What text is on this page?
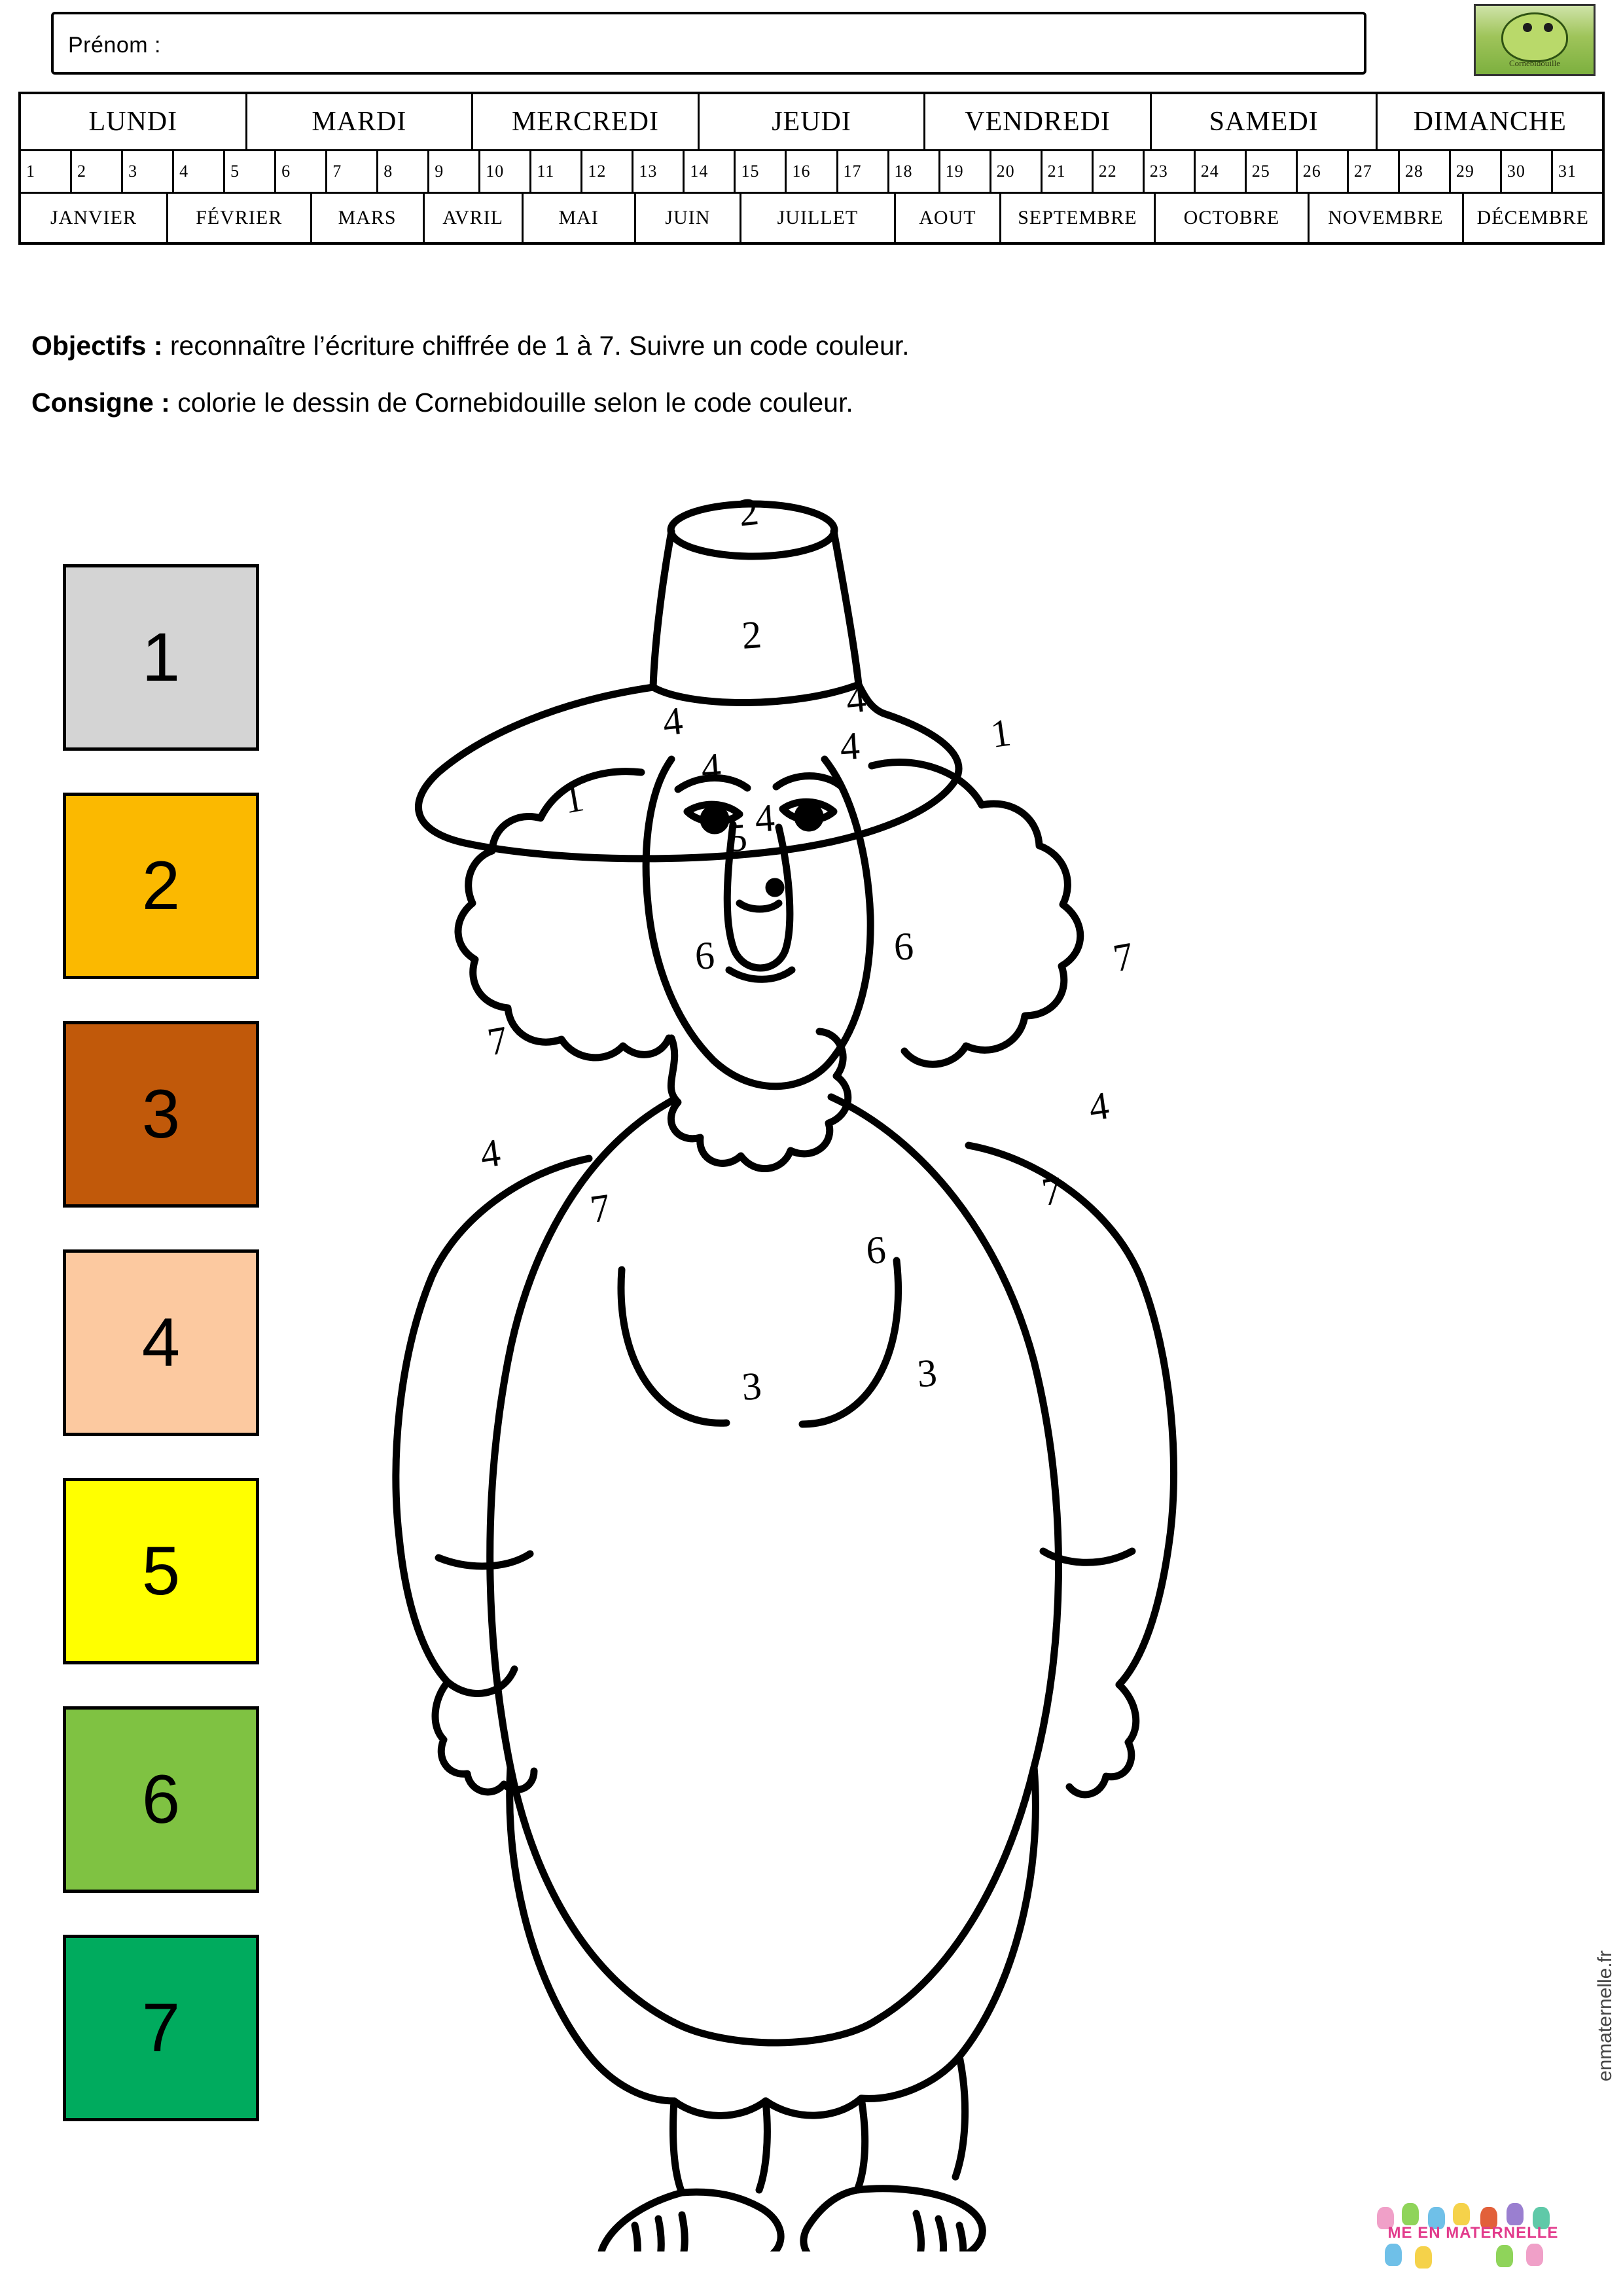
Prénom :
Cornebidouille
LUNDI	MARDI	MERCREDI	JEUDI	VENDREDI	SAMEDI	DIMANCHE
1	2	3	4	5	6	7	8	9	10	11	12	13	14	15	16	17	18	19	20	21	22	23	24	25	26	27	28	29	30	31
JANVIER	FÉVRIER	MARS	AVRIL	MAI	JUIN	JUILLET	AOUT	SEPTEMBRE	OCTOBRE	NOVEMBRE	DÉCEMBRE
Objectifs : reconnaître l’écriture chiffrée de 1 à 7. Suivre un code couleur.
Consigne : colorie le dessin de Cornebidouille selon le code couleur.
1
2
3
4
5
6
7
2
2
1
1
4	4
4
4
4
5
6	6
7
7
4
4
7	7
6
3	3
enmaternelle.fr
ME EN MATERNELLE
